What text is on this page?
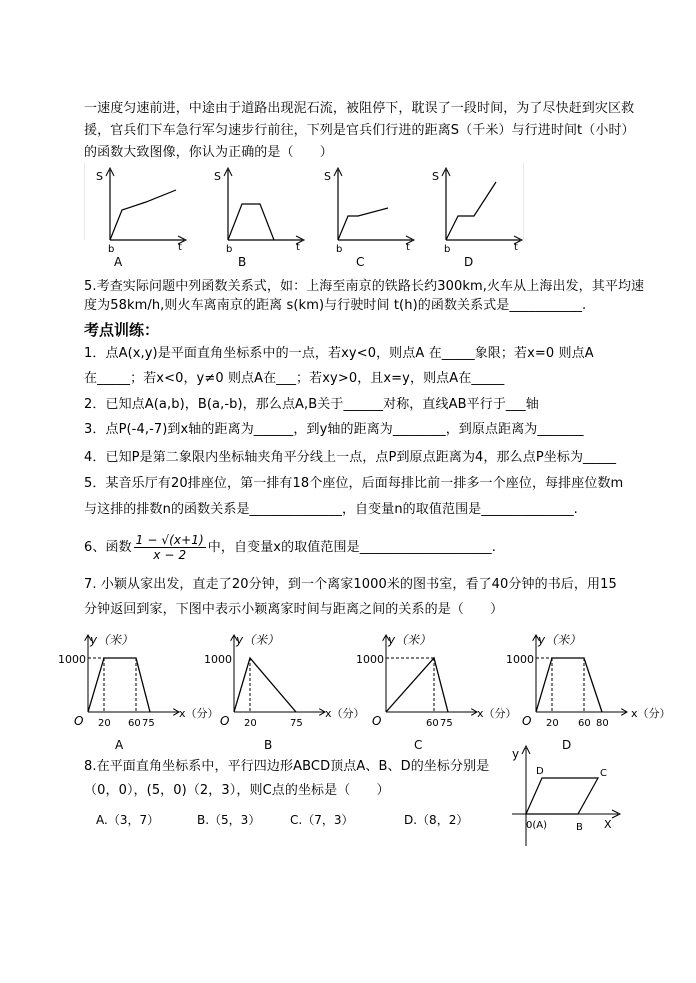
一速度匀速前进，中途由于道路出现泥石流，被阻停下，耽误了一段时间，为了尽快赶到灾区救
援，官兵们下车急行军匀速步行前往，下列是官兵们行进的距离S（千米）与行进时间t（小时）
的函数大致图像，你认为正确的是（　　）
S
t
b
A
S
t
b
B
S
t
b
C
S
t
b
D
5.考查实际问题中列函数关系式，如：上海至南京的铁路长约300km,火车从上海出发，其平均速
度为58km/h,则火车离南京的距离 s(km)与行驶时间 t(h)的函数关系式是___________.
考点训练：
1．点A(x,y)是平面直角坐标系中的一点，若xy<0，则点A 在_____象限；若x=0 则点A
在_____；若x<0，y≠0 则点A在___；若xy>0，且x=y，则点A在_____
2．已知点A(a,b)，B(a,-b)，那么点A,B关于______对称，直线AB平行于___轴
3．点P(-4,-7)到x轴的距离为______，到y轴的距离为________，到原点距离为_______
4．已知P是第二象限内坐标轴夹角平分线上一点，点P到原点距离为4，那么点P坐标为_____
5．某音乐厅有20排座位，第一排有18个座位，后面每排比前一排多一个座位，每排座位数m
与这排的排数n的函数关系是______________，自变量n的取值范围是______________.
6、函数 $\frac{1 - √(x+1)}{x - 2}$ 中，自变量x的取值范围是____________________.
7. 小颖从家出发，直走了20分钟，到一个离家1000米的图书室，看了40分钟的书后，用15
分钟返回到家，下图中表示小颖离家时间与距离之间的关系的是（　　）
y（米）
1000
O
x（分）
20 60 75
A
y（米）
1000
O
x（分）
20	75
B
y（米）
1000
O
x（分）
60 75
C
y（米）
1000
O
x（分）
20 60 80
D
8.在平面直角坐标系中，平行四边形ABCD顶点A、B、D的坐标分别是
（0，0），(5，0)（2，3），则C点的坐标是（　　）
A.（3，7）	B.（5，3） C.（7，3）	D.（8，2）
y
X
D	C
0(A)	B
